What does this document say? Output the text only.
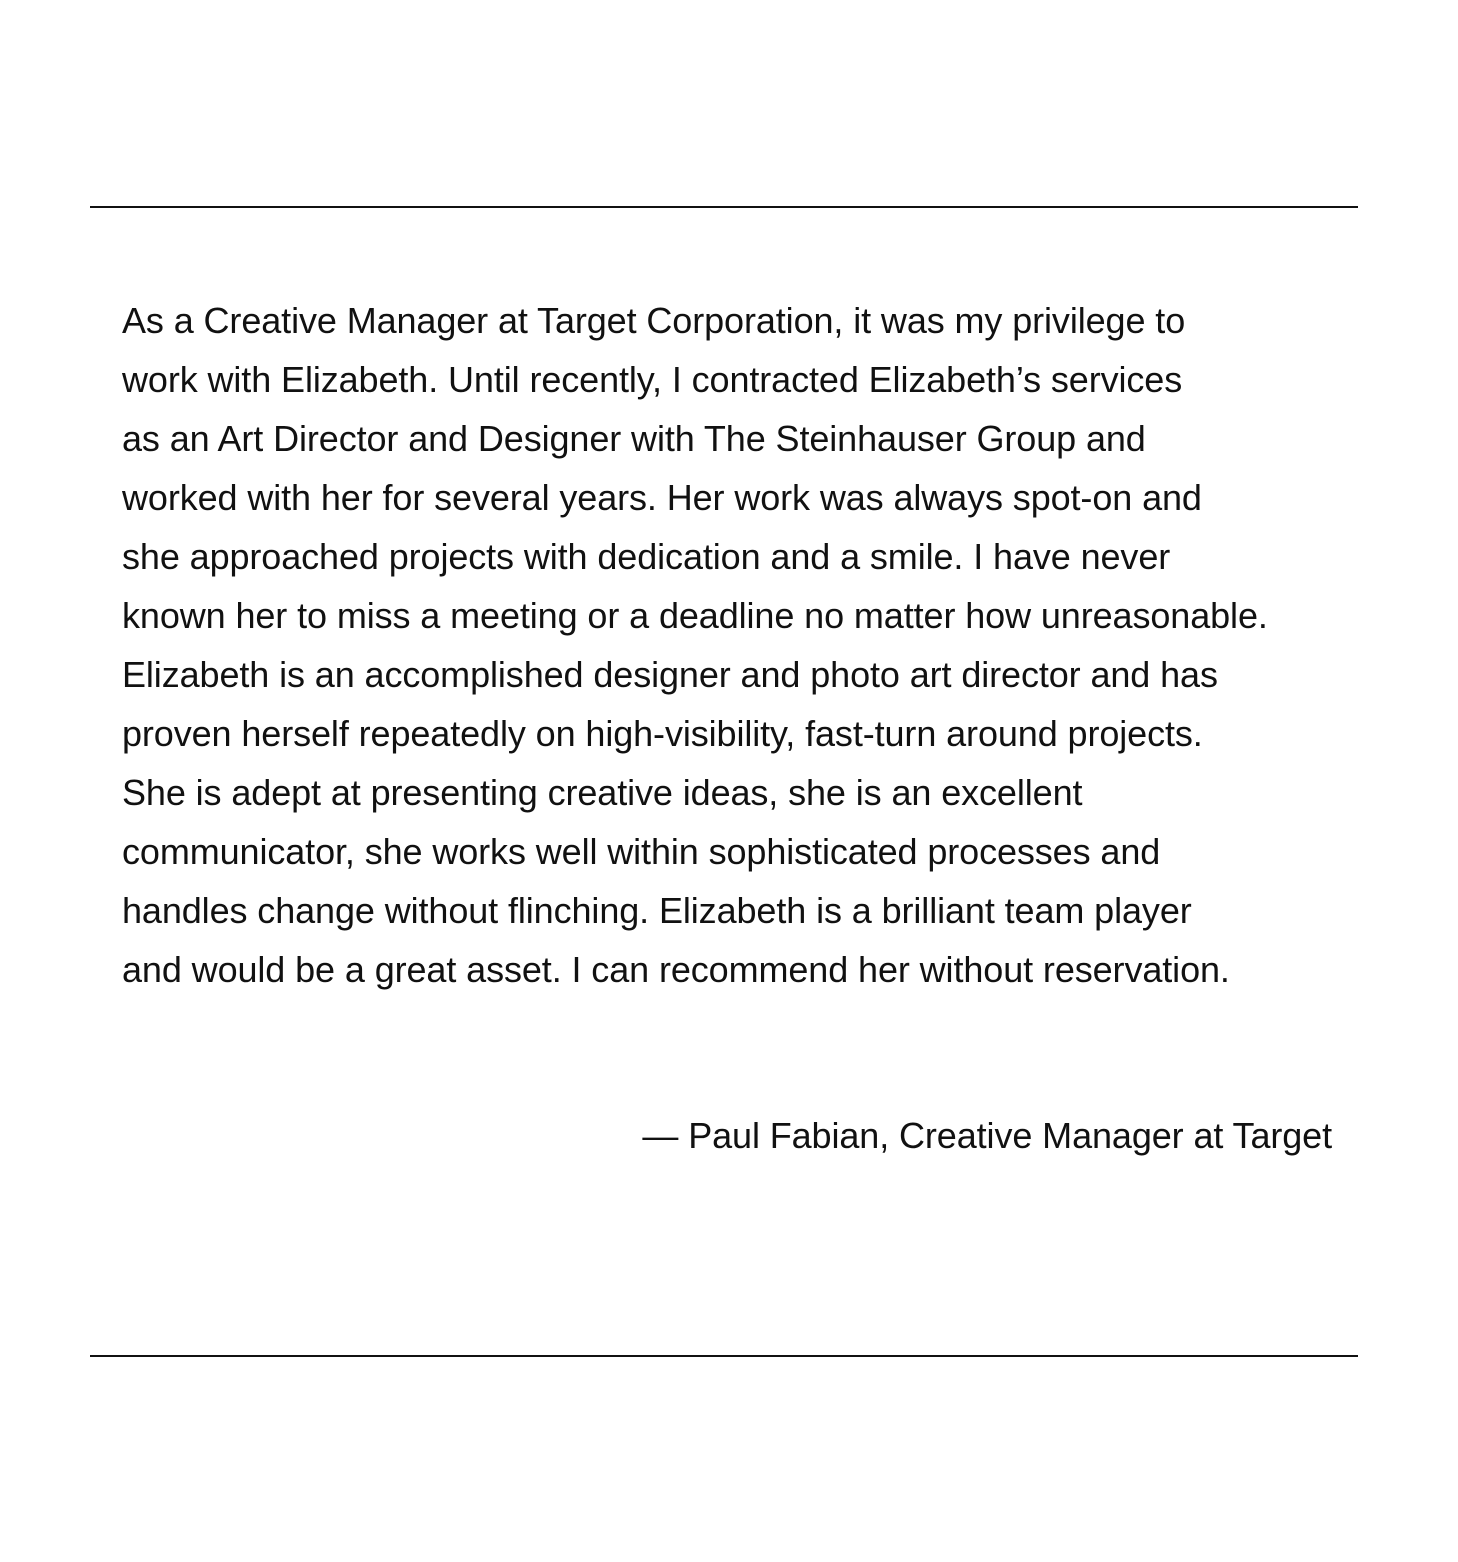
As a Creative Manager at Target Corporation, it was my privilege to
work with Elizabeth. Until recently, I contracted Elizabeth’s services
as an Art Director and Designer with The Steinhauser Group and
worked with her for several years. Her work was always spot-on and
she approached projects with dedication and a smile. I have never
known her to miss a meeting or a deadline no matter how unreasonable.
Elizabeth is an accomplished designer and photo art director and has
proven herself repeatedly on high-visibility, fast-turn around projects.
She is adept at presenting creative ideas, she is an excellent
communicator, she works well within sophisticated processes and
handles change without flinching. Elizabeth is a brilliant team player
and would be a great asset. I can recommend her without reservation.

— Paul Fabian, Creative Manager at Target
